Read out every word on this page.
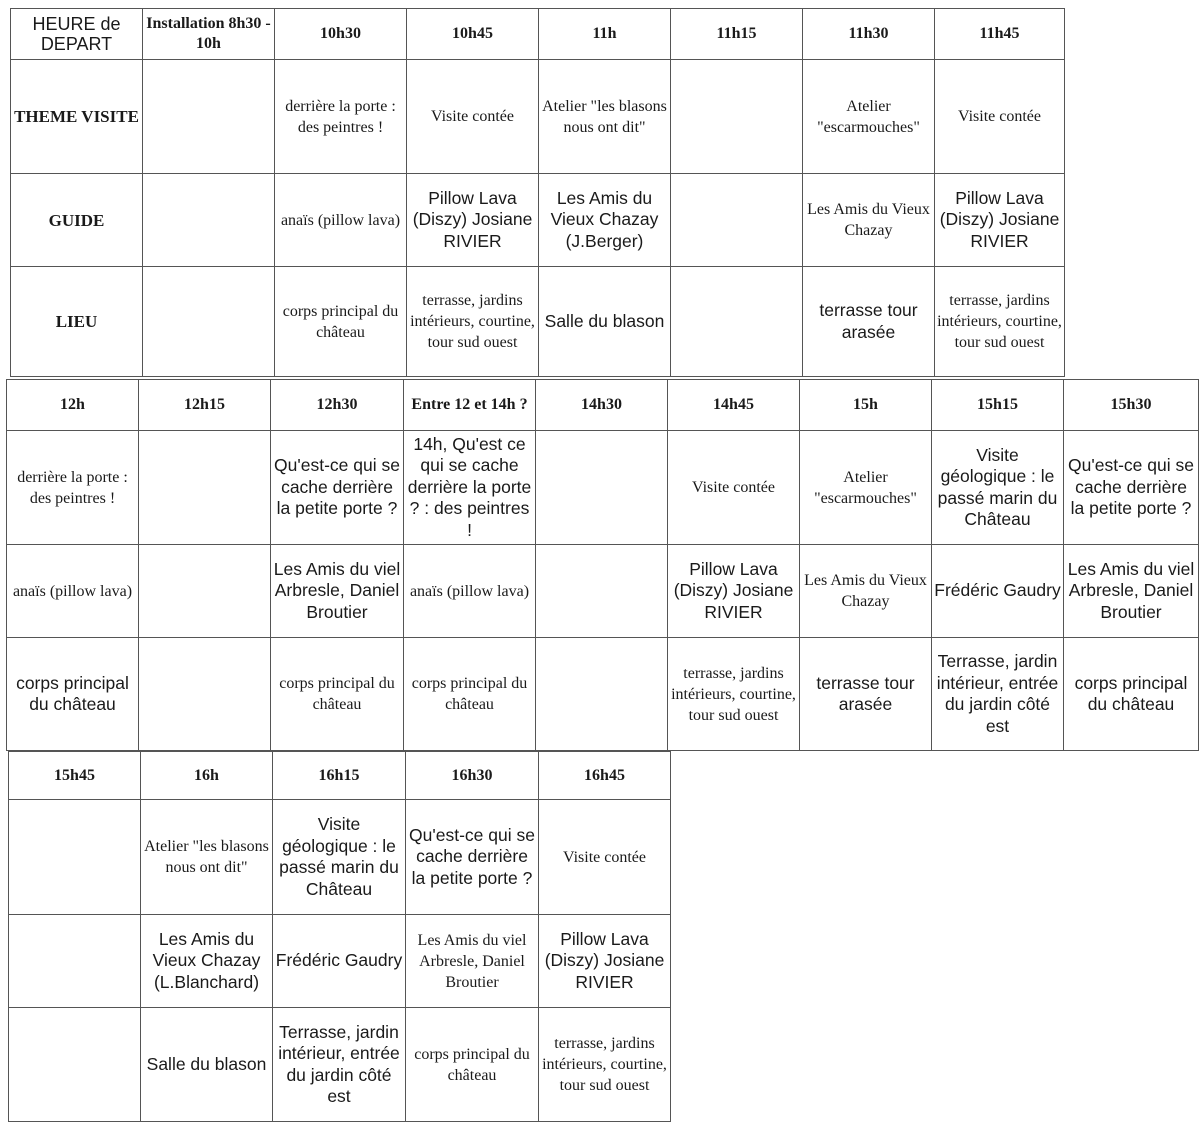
HEURE de DEPART	Installation 8h30 - 10h	10h30	10h45	11h	11h15	11h30	11h45
THEME VISITE		derrière la porte : des peintres !	Visite contée	Atelier "les blasons nous ont dit"		Atelier "escarmouches"	Visite contée
GUIDE		anaïs (pillow lava)	Pillow Lava (Diszy) Josiane RIVIER	Les Amis du Vieux Chazay (J.Berger)		Les Amis du Vieux Chazay	Pillow Lava (Diszy) Josiane RIVIER
LIEU		corps principal du château	terrasse, jardins intérieurs, courtine, tour sud ouest	Salle du blason		terrasse tour arasée	terrasse, jardins intérieurs, courtine, tour sud ouest
12h	12h15	12h30	Entre 12 et 14h ?	14h30	14h45	15h	15h15	15h30
derrière la porte : des peintres !		Qu'est-ce qui se cache derrière la petite porte ?	14h, Qu'est ce qui se cache derrière la porte ? : des peintres !		Visite contée	Atelier "escarmouches"	Visite géologique : le passé marin du Château	Qu'est-ce qui se cache derrière la petite porte ?
anaïs (pillow lava)		Les Amis du viel Arbresle, Daniel Broutier	anaïs (pillow lava)		Pillow Lava (Diszy) Josiane RIVIER	Les Amis du Vieux Chazay	Frédéric Gaudry	Les Amis du viel Arbresle, Daniel Broutier
corps principal du château		corps principal du château	corps principal du château		terrasse, jardins intérieurs, courtine, tour sud ouest	terrasse tour arasée	Terrasse, jardin intérieur, entrée du jardin côté est	corps principal du château
15h45	16h	16h15	16h30	16h45
	Atelier "les blasons nous ont dit"	Visite géologique : le passé marin du Château	Qu'est-ce qui se cache derrière la petite porte ?	Visite contée
	Les Amis du Vieux Chazay (L.Blanchard)	Frédéric Gaudry	Les Amis du viel Arbresle, Daniel Broutier	Pillow Lava (Diszy) Josiane RIVIER
	Salle du blason	Terrasse, jardin intérieur, entrée du jardin côté est	corps principal du château	terrasse, jardins intérieurs, courtine, tour sud ouest
